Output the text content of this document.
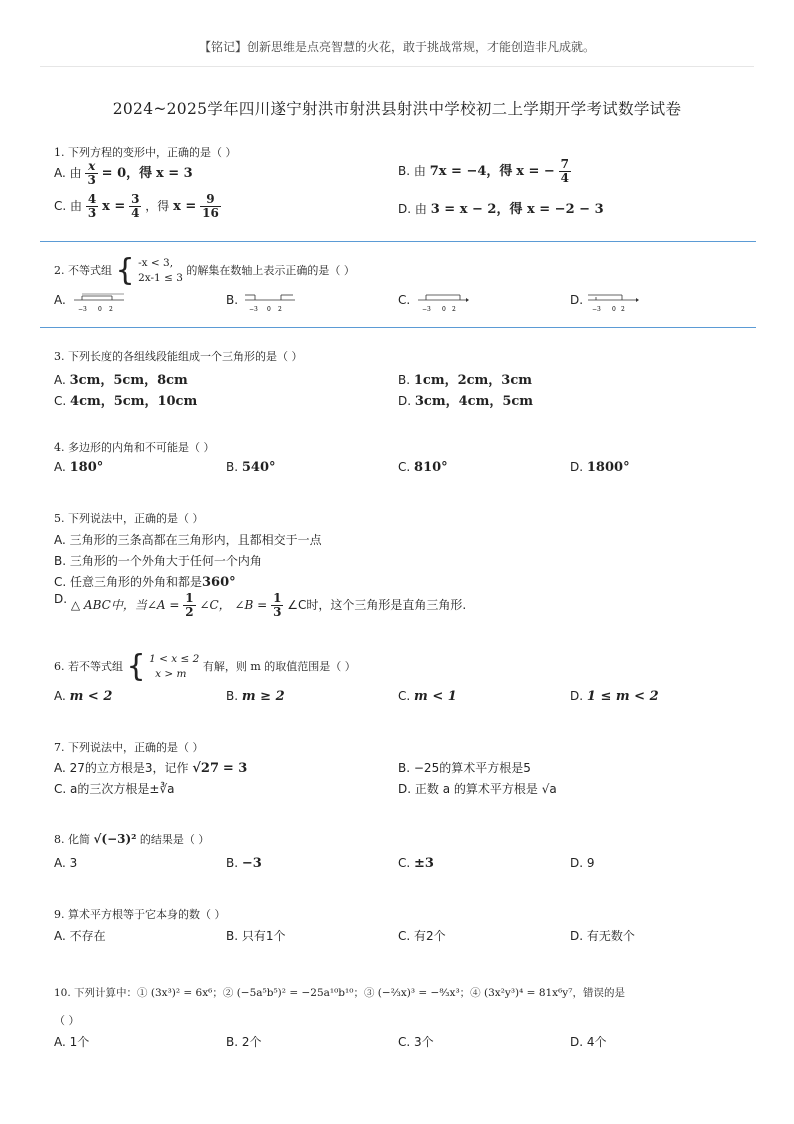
【铭记】创新思维是点亮智慧的火花，敢于挑战常规，才能创造非凡成就。
2024~2025学年四川遂宁射洪市射洪县射洪中学校初二上学期开学考试数学试卷
1. 下列方程的变形中，正确的是（ ）
A. 由 $\frac{x}{3} = 0$，得 x = 3	B. 由 7x = −4，得 x = − $\frac{7}{4}$
C. 由 $\frac{4}{3}$ $x = \frac{3}{4}$ ，得 $x = \frac{9}{16}$	D. 由 3 = x − 2，得 x = −2 − 3
2. 不等式组 { -x < 3,
2x-1 ≤ 3
的解集在数轴上表示正确的是（ ）
A.
−3 0 2
B.
−3 0 2
C.
−3 0 2
D.
−3 0 2
3. 下列长度的各组线段能组成一个三角形的是（ ）
A. 3cm，5cm，8cm	B. 1cm，2cm，3cm
C. 4cm，5cm，10cm	D. 3cm，4cm，5cm
4. 多边形的内角和不可能是（ ）
A. 180°	B. 540°	C. 810°	D. 1800°
5. 下列说法中，正确的是（ ）
A. 三角形的三条高都在三角形内，且都相交于一点
B. 三角形的一个外角大于任何一个内角
C. 任意三角形的外角和都是360°
D. △ ABC中，当∠A = $\frac{1}{2}$ ∠C， ∠B = $\frac{1}{3}$ ∠C时，这个三角形是直角三角形.
6. 若不等式组 { 1 < x ≤ 2
x > m
有解，则 m 的取值范围是（ ）
A. m < 2	B. m ≥ 2	C. m < 1	D. 1 ≤ m < 2
7. 下列说法中，正确的是（ ）
A. 27的立方根是3，记作 √27 = 3	B. −25的算术平方根是5
C. a的三次方根是±∛a	D. 正数 a 的算术平方根是 √a
8. 化简 √(−3)² 的结果是（ ）
A. 3	B. −3	C. ±3	D. 9
9. 算术平方根等于它本身的数（ ）
A. 不存在	B. 只有1个	C. 有2个	D. 有无数个
10. 下列计算中：① (3x³)² = 6x⁶；② (−5a⁵b⁵)² = −25a¹⁰b¹⁰；③ (−⅔x)³ = −⁸⁄₃x³；④ (3x²y³)⁴ = 81x⁶y⁷，错误的是
（ ）
A. 1个	B. 2个	C. 3个	D. 4个
